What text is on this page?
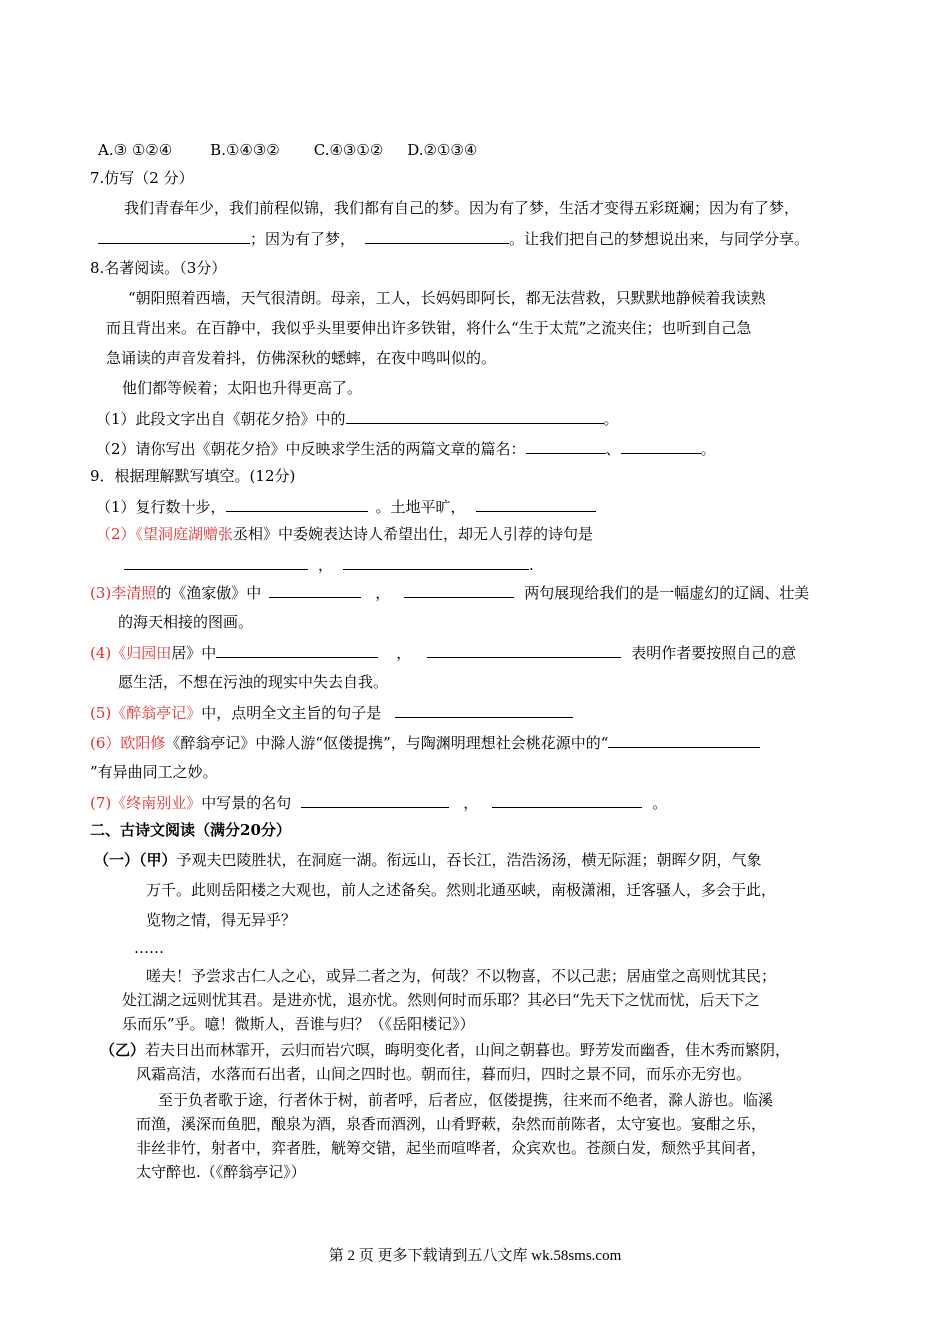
A.③ ①②④	B.①④③② C.④③①② D.②①③④
7.仿写（2 分）
我们青春年少，我们前程似锦，我们都有自己的梦。因为有了梦，生活才变得五彩斑斓；因为有了梦，
；因为有了梦，	。让我们把自己的梦想说出来，与同学分享。
8.名著阅读。（3分）
“朝阳照着西墙，天气很清朗。母亲，工人，长妈妈即阿长，都无法营救，只默默地静候着我读熟
而且背出来。在百静中，我似乎头里要伸出许多铁钳，将什么“生于太荒”之流夹住；也听到自己急
急诵读的声音发着抖，仿佛深秋的蟋蟀，在夜中鸣叫似的。
他们都等候着；太阳也升得更高了。
（1）此段文字出自《朝花夕拾》中的	。
（2）请你写出《朝花夕拾》中反映求学生活的两篇文章的篇名：	、	。
9．根据理解默写填空。(12分)
（1）复行数十步，	。土地平旷，
（2）《望洞庭湖赠张丞相》中委婉表达诗人希望出仕，却无人引荐的诗句是
，	.
(3)李清照的《渔家傲》中	，	两句展现给我们的是一幅虚幻的辽阔、壮美
的海天相接的图画。
(4)《归园田居》中	，	表明作者要按照自己的意
愿生活，不想在污浊的现实中失去自我。
(5)《醉翁亭记》中，点明全文主旨的句子是
(6）欧阳修《醉翁亭记》中滁人游“伛偻提携”，与陶渊明理想社会桃花源中的“
”有异曲同工之妙。
(7)《终南别业》中写景的名句	，	。
二、古诗文阅读（满分20分）
（一）（甲）予观夫巴陵胜状，在洞庭一湖。衔远山，吞长江，浩浩汤汤，横无际涯；朝晖夕阴，气象
万千。此则岳阳楼之大观也，前人之述备矣。然则北通巫峡，南极潇湘，迁客骚人，多会于此，
览物之情，得无异乎？
……
嗟夫！予尝求古仁人之心，或异二者之为，何哉？不以物喜，不以己悲；居庙堂之高则忧其民；
处江湖之远则忧其君。是进亦忧，退亦忧。然则何时而乐耶？其必曰“先天下之忧而忧，后天下之
乐而乐”乎。噫！微斯人，吾谁与归？（《岳阳楼记》）
（乙）若夫日出而林霏开，云归而岩穴暝，晦明变化者，山间之朝暮也。野芳发而幽香，佳木秀而繁阴，
风霜高洁，水落而石出者，山间之四时也。朝而往，暮而归，四时之景不同，而乐亦无穷也。
至于负者歌于途，行者休于树，前者呼，后者应，伛偻提携，往来而不绝者，滁人游也。临溪
而渔，溪深而鱼肥，酿泉为酒，泉香而酒洌，山肴野蔌，杂然而前陈者，太守宴也。宴酣之乐，
非丝非竹，射者中，弈者胜，觥筹交错，起坐而喧哗者，众宾欢也。苍颜白发，颓然乎其间者，
太守醉也.（《醉翁亭记》）
第 2 页 更多下载请到五八文库 wk.58sms.com
